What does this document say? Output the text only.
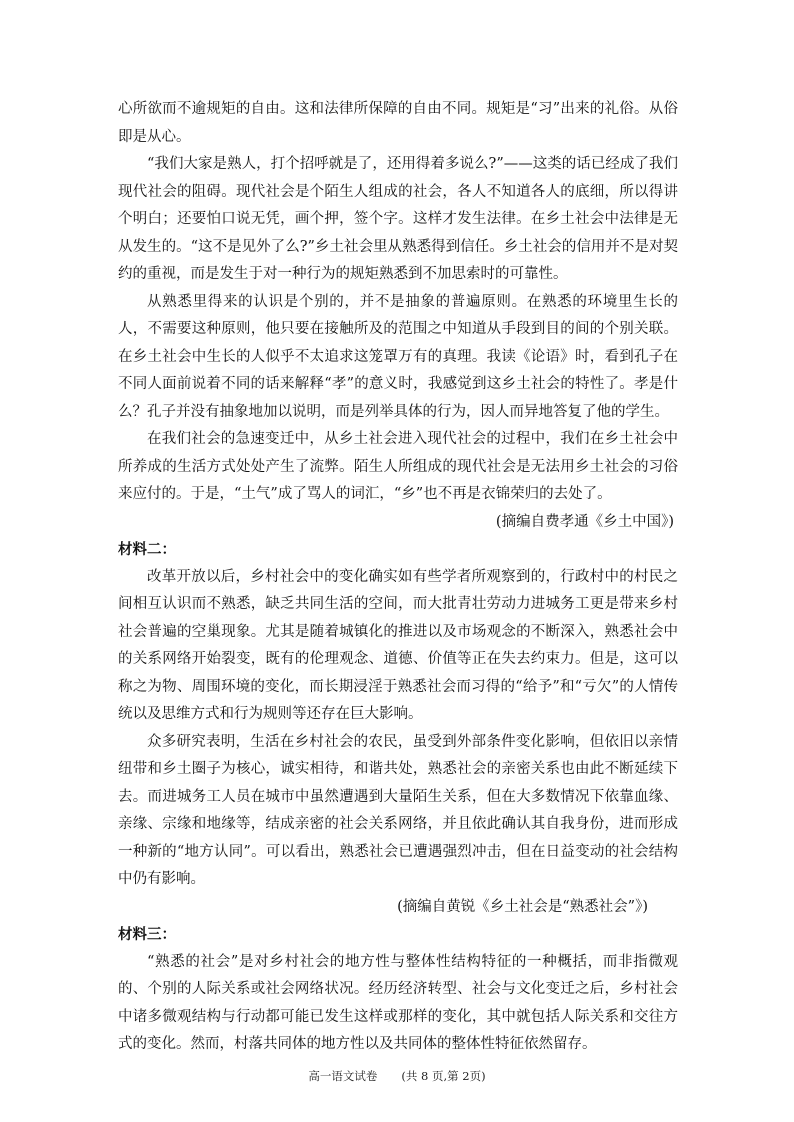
心所欲而不逾规矩的自由。这和法律所保障的自由不同。规矩是“习”出来的礼俗。从俗即是从心。

“我们大家是熟人，打个招呼就是了，还用得着多说么?”——这类的话已经成了我们现代社会的阻碍。现代社会是个陌生人组成的社会，各人不知道各人的底细，所以得讲个明白；还要怕口说无凭，画个押，签个字。这样才发生法律。在乡土社会中法律是无从发生的。“这不是见外了么?”乡土社会里从熟悉得到信任。乡土社会的信用并不是对契约的重视，而是发生于对一种行为的规矩熟悉到不加思索时的可靠性。

从熟悉里得来的认识是个别的，并不是抽象的普遍原则。在熟悉的环境里生长的人，不需要这种原则，他只要在接触所及的范围之中知道从手段到目的间的个别关联。在乡土社会中生长的人似乎不太追求这笼罩万有的真理。我读《论语》时，看到孔子在不同人面前说着不同的话来解释“孝”的意义时，我感觉到这乡土社会的特性了。孝是什么？孔子并没有抽象地加以说明，而是列举具体的行为，因人而异地答复了他的学生。

在我们社会的急速变迁中，从乡土社会进入现代社会的过程中，我们在乡土社会中所养成的生活方式处处产生了流弊。陌生人所组成的现代社会是无法用乡土社会的习俗来应付的。于是，“土气”成了骂人的词汇，“乡”也不再是衣锦荣归的去处了。

(摘编自费孝通《乡土中国》)

材料二：

改革开放以后，乡村社会中的变化确实如有些学者所观察到的，行政村中的村民之间相互认识而不熟悉，缺乏共同生活的空间，而大批青壮劳动力进城务工更是带来乡村社会普遍的空巢现象。尤其是随着城镇化的推进以及市场观念的不断深入，熟悉社会中的关系网络开始裂变，既有的伦理观念、道德、价值等正在失去约束力。但是，这可以称之为物、周围环境的变化，而长期浸淫于熟悉社会而习得的“给予”和“亏欠”的人情传统以及思维方式和行为规则等还存在巨大影响。

众多研究表明，生活在乡村社会的农民，虽受到外部条件变化影响，但依旧以亲情纽带和乡土圈子为核心，诚实相待，和谐共处，熟悉社会的亲密关系也由此不断延续下去。而进城务工人员在城市中虽然遭遇到大量陌生关系，但在大多数情况下依靠血缘、亲缘、宗缘和地缘等，结成亲密的社会关系网络，并且依此确认其自我身份，进而形成一种新的“地方认同”。可以看出，熟悉社会已遭遇强烈冲击，但在日益变动的社会结构中仍有影响。

(摘编自黄锐《乡土社会是“熟悉社会”》)

材料三：

“熟悉的社会”是对乡村社会的地方性与整体性结构特征的一种概括，而非指微观的、个别的人际关系或社会网络状况。经历经济转型、社会与文化变迁之后，乡村社会中诸多微观结构与行动都可能已发生这样或那样的变化，其中就包括人际关系和交往方式的变化。然而，村落共同体的地方性以及共同体的整体性特征依然留存。

高一语文试卷 (共 8 页,第 2页)
